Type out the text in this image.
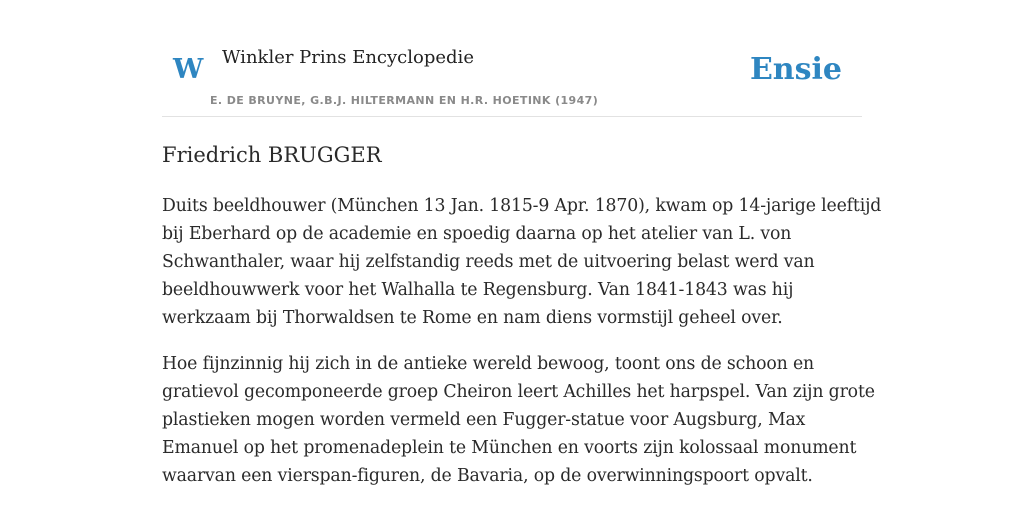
W Winkler Prins Encyclopedie
E. DE BRUYNE, G.B.J. HILTERMANN EN H.R. HOETINK (1947)
Ensie
Friedrich BRUGGER

Duits beeldhouwer (München 13 Jan. 1815-9 Apr. 1870), kwam op 14-jarige leeftijd
bij Eberhard op de academie en spoedig daarna op het atelier van L. von
Schwanthaler, waar hij zelfstandig reeds met de uitvoering belast werd van
beeldhouwwerk voor het Walhalla te Regensburg. Van 1841-1843 was hij
werkzaam bij Thorwaldsen te Rome en nam diens vormstijl geheel over.

Hoe fijnzinnig hij zich in de antieke wereld bewoog, toont ons de schoon en
gratievol gecomponeerde groep Cheiron leert Achilles het harpspel. Van zijn grote
plastieken mogen worden vermeld een Fugger-statue voor Augsburg, Max
Emanuel op het promenadeplein te München en voorts zijn kolossaal monument
waarvan een vierspan-figuren, de Bavaria, op de overwinningspoort opvalt.
